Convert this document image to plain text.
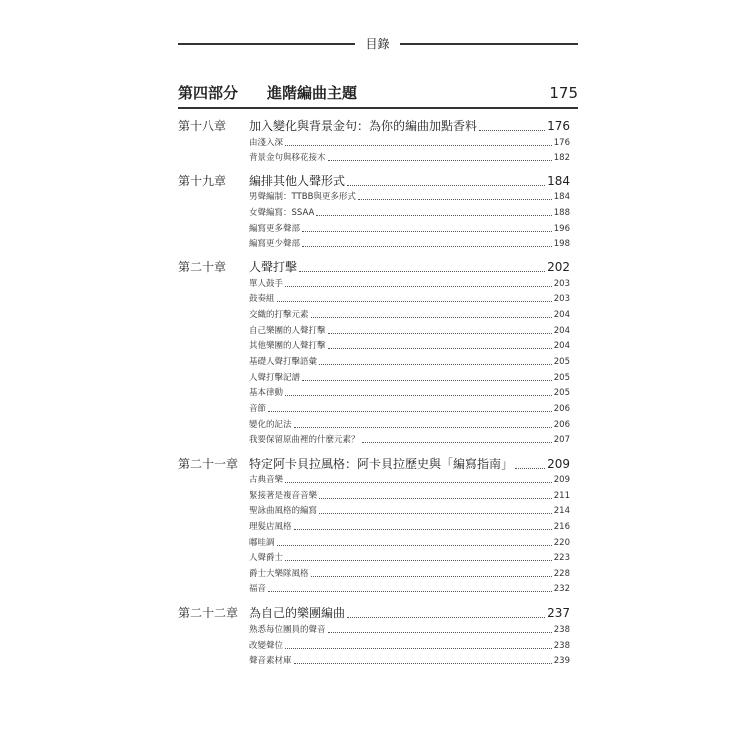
目錄
第四部分 進階編曲主題	175
第十八章 加入變化與背景金句：為你的編曲加點香料	176
由淺入深	176
背景金句與移花接木	182
第十九章 編排其他人聲形式	184
男聲編制：TTBB與更多形式	184
女聲編寫：SSAA	188
編寫更多聲部	196
編寫更少聲部	198
第二十章 人聲打擊	202
單人鼓手	203
鼓奏組	203
交織的打擊元素	204
自己樂團的人聲打擊	204
其他樂團的人聲打擊	204
基礎人聲打擊語彙	205
人聲打擊記譜	205
基本律動	205
音節	206
變化的記法	206
我要保留原曲裡的什麼元素？	207
第二十一章 特定阿卡貝拉風格：阿卡貝拉歷史與「編寫指南」	209
古典音樂	209
緊接著是複音音樂	211
聖詠曲風格的編寫	214
理髮店風格	216
嘟哇調	220
人聲爵士	223
爵士大樂隊風格	228
福音	232
第二十二章 為自己的樂團編曲	237
熟悉每位團員的聲音	238
改變聲位	238
聲音素材庫	239
